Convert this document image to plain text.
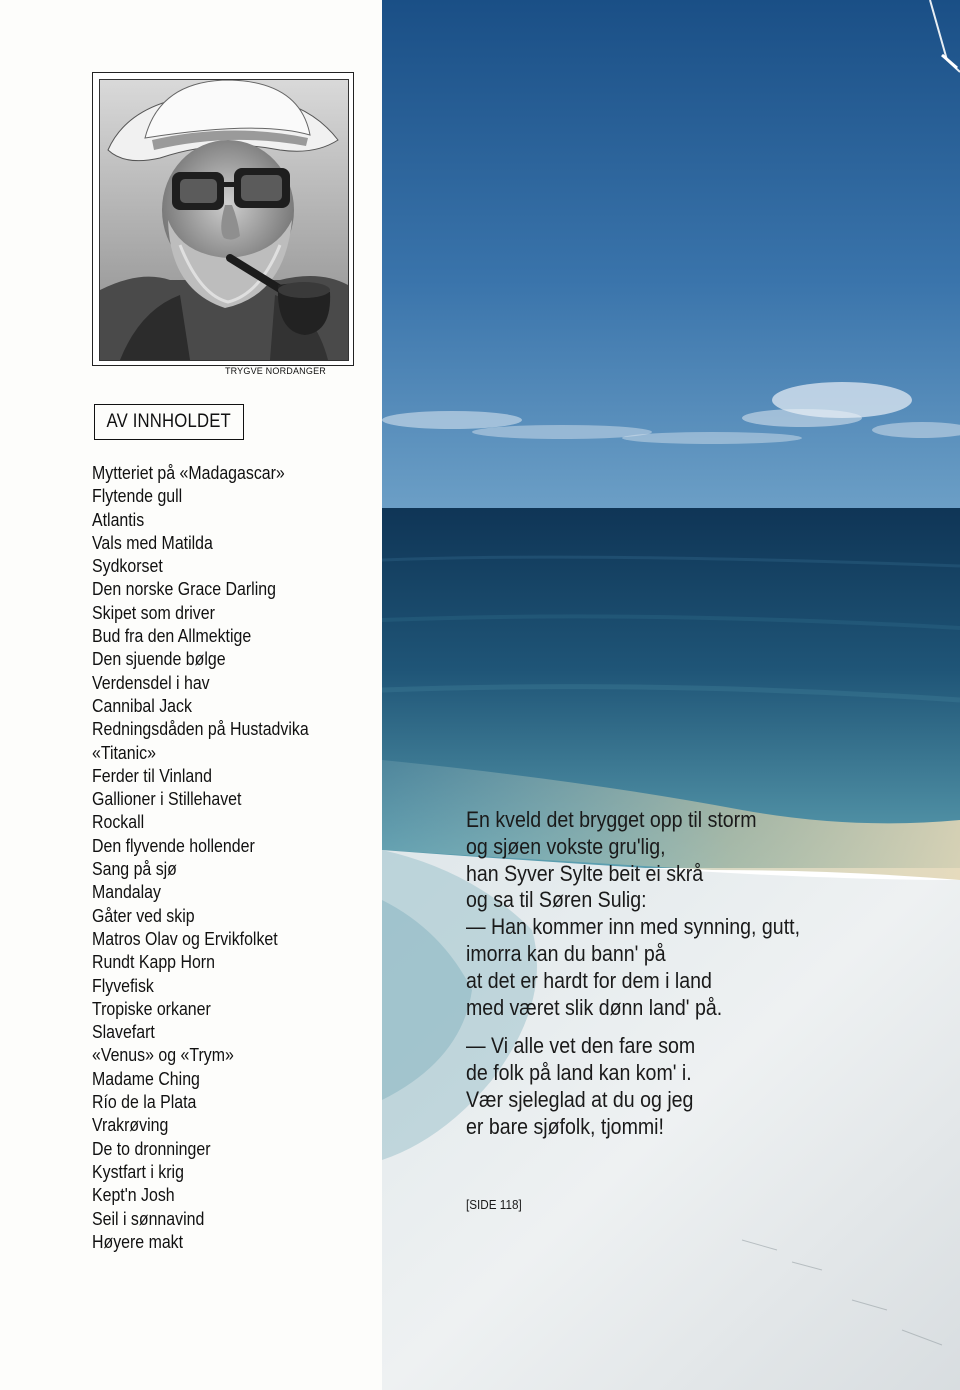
TRYGVE NORDANGER
AV INNHOLDET
Mytteriet på «Madagascar»
Flytende gull
Atlantis
Vals med Matilda
Sydkorset
Den norske Grace Darling
Skipet som driver
Bud fra den Allmektige
Den sjuende bølge
Verdensdel i hav
Cannibal Jack
Redningsdåden på Hustadvika
«Titanic»
Ferder til Vinland
Gallioner i Stillehavet
Rockall
Den flyvende hollender
Sang på sjø
Mandalay
Gåter ved skip
Matros Olav og Ervikfolket
Rundt Kapp Horn
Flyvefisk
Tropiske orkaner
Slavefart
«Venus» og «Trym»
Madame Ching
Río de la Plata
Vrakrøving
De to dronninger
Kystfart i krig
Kept'n Josh
Seil i sønnavind
Høyere makt
En kveld det brygget opp til storm
og sjøen vokste gru'lig,
han Syver Sylte beit ei skrå
og sa til Søren Sulig:
— Han kommer inn med synning, gutt,
imorra kan du bann' på
at det er hardt for dem i land
med været slik dønn land' på.
— Vi alle vet den fare som
de folk på land kan kom' i.
Vær sjeleglad at du og jeg
er bare sjøfolk, tjommi!
[SIDE 118]
